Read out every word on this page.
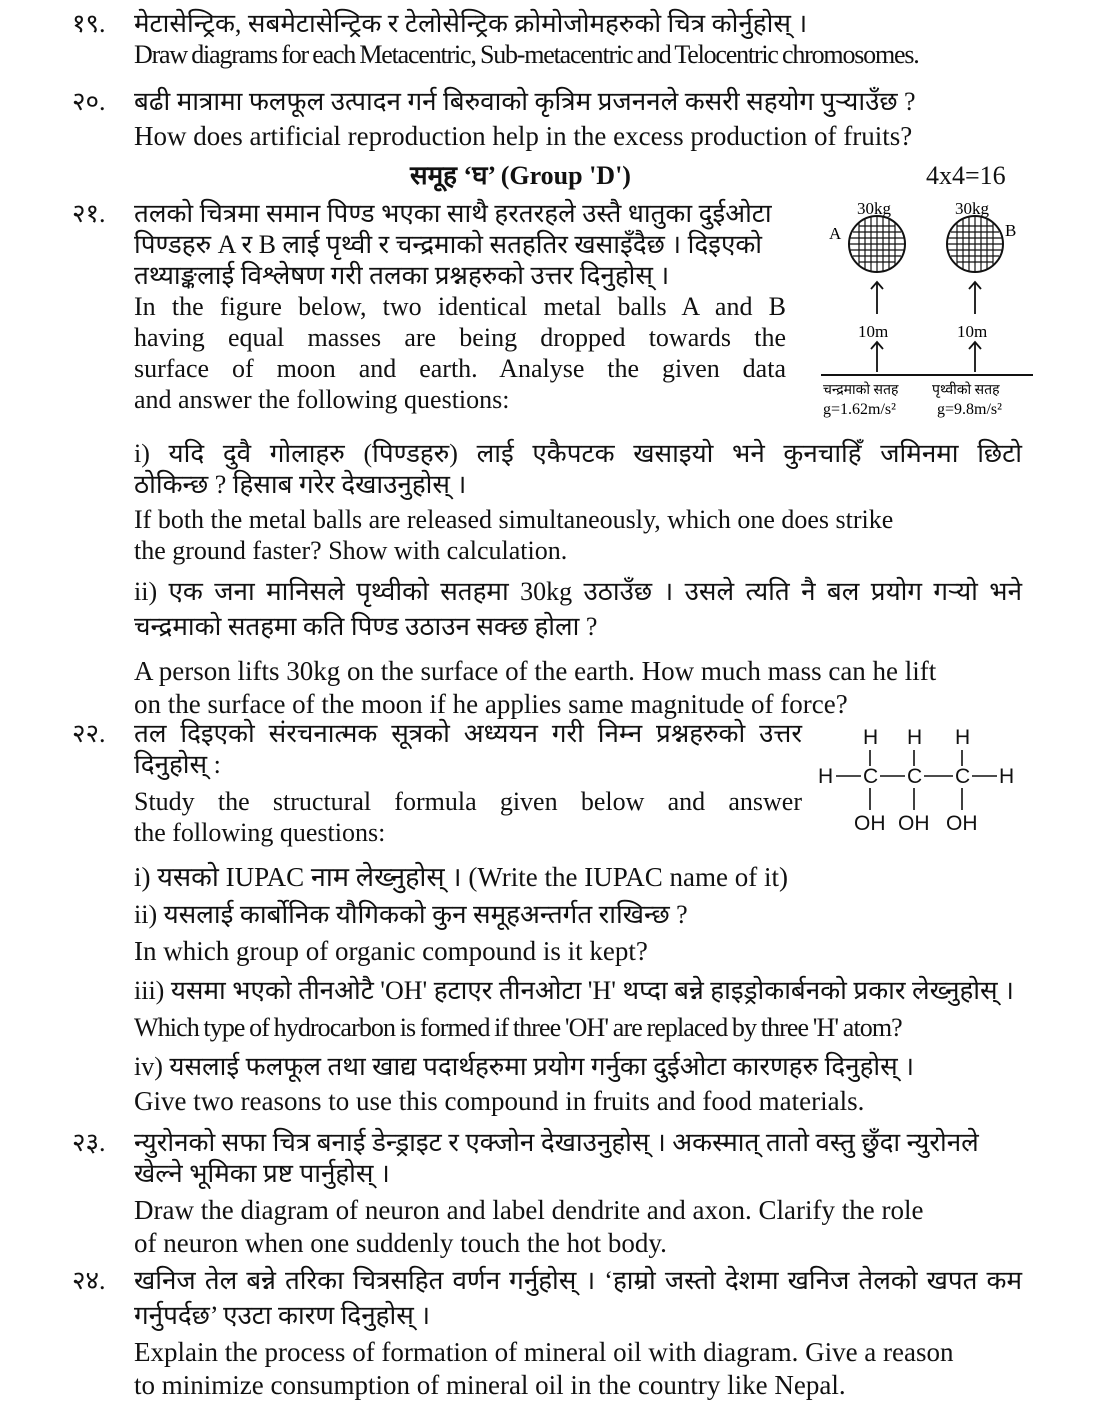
१९.	मेटासेन्ट्रिक, सबमेटासेन्ट्रिक र टेलोसेन्ट्रिक क्रोमोजोमहरुको चित्र कोर्नुहोस् ।
Draw diagrams for each Metacentric, Sub-metacentric and Telocentric chromosomes.
२०.	बढी मात्रामा फलफूल उत्पादन गर्न बिरुवाको कृत्रिम प्रजननले कसरी सहयोग पुऱ्याउँछ ?
How does artificial reproduction help in the excess production of fruits?
समूह ‘घ’ (Group 'D')	4x4=16
२१.	तलको चित्रमा समान पिण्ड भएका साथै हरतरहले उस्तै धातुका दुईओटा
पिण्डहरु A र B लाई पृथ्वी र चन्द्रमाको सतहतिर खसाइँदैछ । दिइएको
तथ्याङ्कलाई विश्लेषण गरी तलका प्रश्नहरुको उत्तर दिनुहोस् ।
In the figure below, two identical metal balls A and B
having equal masses are being dropped towards the
surface of moon and earth. Analyse the given data
and answer the following questions:
30kg
A
10m
30kg
B
10m
चन्द्रमाको सतह पृथ्वीको सतह
g=1.62m/s²	g=9.8m/s²
i) यदि दुवै गोलाहरु (पिण्डहरु) लाई एकैपटक खसाइयो भने कुनचाहिँ जमिनमा छिटो
ठोकिन्छ ? हिसाब गरेर देखाउनुहोस् ।
If both the metal balls are released simultaneously, which one does strike
the ground faster? Show with calculation.
ii) एक जना मानिसले पृथ्वीको सतहमा 30kg उठाउँछ । उसले त्यति नै बल प्रयोग गऱ्यो भने
चन्द्रमाको सतहमा कति पिण्ड उठाउन सक्छ होला ?
A person lifts 30kg on the surface of the earth. How much mass can he lift
on the surface of the moon if he applies same magnitude of force?
२२.	तल दिइएको संरचनात्मक सूत्रको अध्ययन गरी निम्न प्रश्नहरुको उत्तर
दिनुहोस् :
Study the structural formula given below and answer
the following questions:
H H H
H C C C H
OH OH OH
i) यसको IUPAC नाम लेख्नुहोस् । (Write the IUPAC name of it)
ii) यसलाई कार्बोनिक यौगिकको कुन समूहअन्तर्गत राखिन्छ ?
In which group of organic compound is it kept?
iii) यसमा भएको तीनओटै 'OH' हटाएर तीनओटा 'H' थप्दा बन्ने हाइड्रोकार्बनको प्रकार लेख्नुहोस् ।
Which type of hydrocarbon is formed if three 'OH' are replaced by three 'H' atom?
iv) यसलाई फलफूल तथा खाद्य पदार्थहरुमा प्रयोग गर्नुका दुईओटा कारणहरु दिनुहोस् ।
Give two reasons to use this compound in fruits and food materials.
२३.	न्युरोनको सफा चित्र बनाई डेन्ड्राइट र एक्जोन देखाउनुहोस् । अकस्मात् तातो वस्तु छुँदा न्युरोनले
खेल्ने भूमिका प्रष्ट पार्नुहोस् ।
Draw the diagram of neuron and label dendrite and axon. Clarify the role
of neuron when one suddenly touch the hot body.
२४.	खनिज तेल बन्ने तरिका चित्रसहित वर्णन गर्नुहोस् । ‘हाम्रो जस्तो देशमा खनिज तेलको खपत कम
गर्नुपर्दछ’ एउटा कारण दिनुहोस् ।
Explain the process of formation of mineral oil with diagram. Give a reason
to minimize consumption of mineral oil in the country like Nepal.
